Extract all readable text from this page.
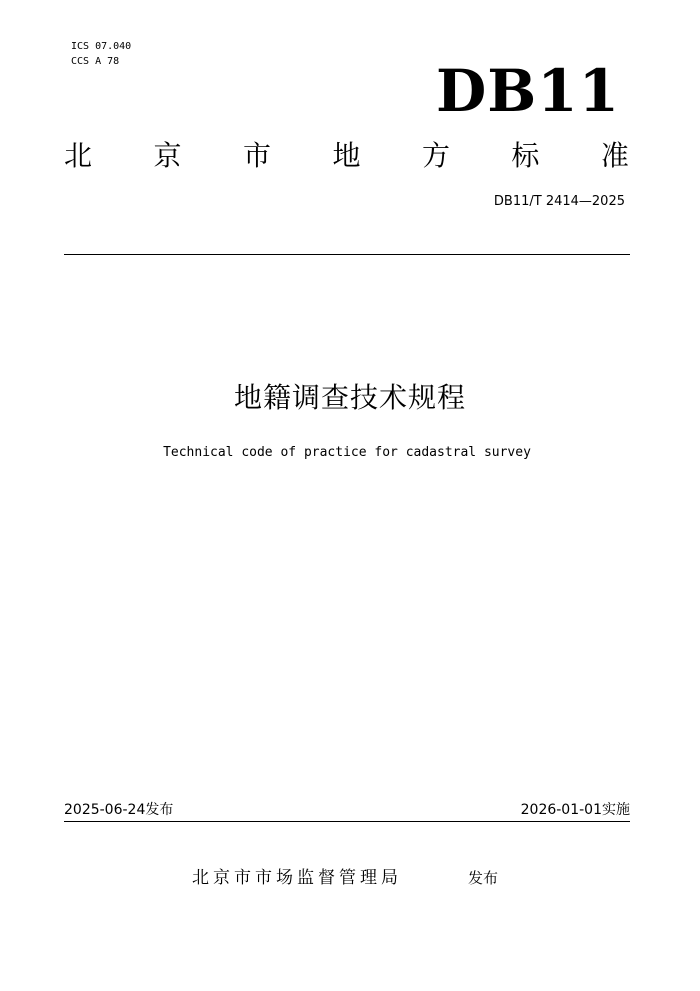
ICS 07.040
CCS A 78	DB11
北 京 市 地 方 标 准
DB11/T 2414—2025
地籍调查技术规程
Technical code of practice for cadastral survey
2025-06-24发布	2026-01-01实施
北京市市场监督管理局	发布
